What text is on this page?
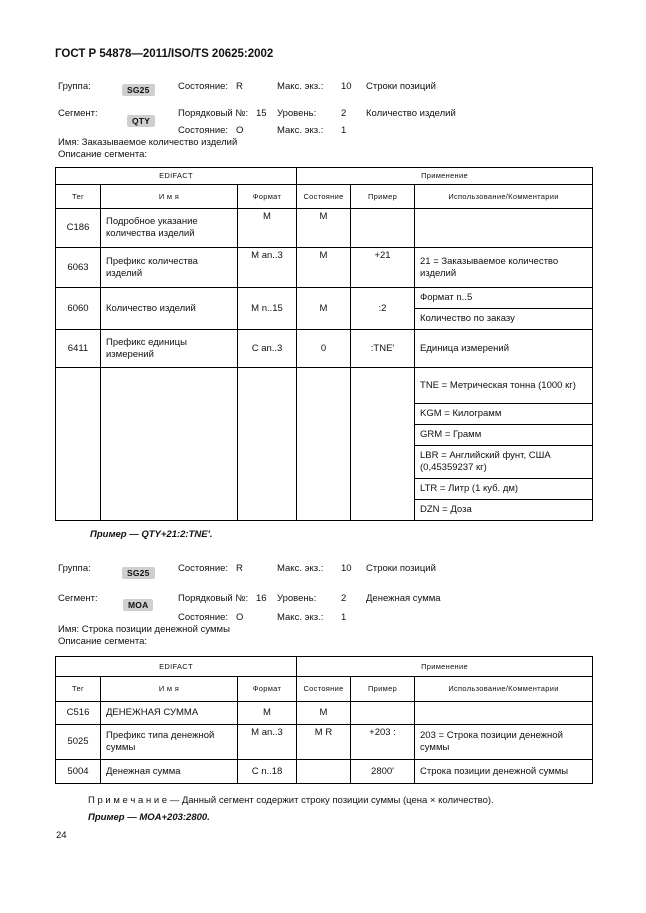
ГОСТ Р 54878—2011/ISO/TS 20625:2002
Группа:	SG25	Состояние: R	Макс. экз.: 10 Строки позиций
Сегмент:
QTY
Порядковый №: 15 Уровень:	2 Количество изделий
Состояние: O	Макс. экз.: 1
Имя: Заказываемое количество изделий
Описание сегмента:
EDIFACT			Применение		
Тег	И м я	Формат	Состояние	Пример	Использование/Комментарии
C186	Подробное указание количества изделий	M	M		
6063	Префикс количества изделий	M an..3	M	+21	21 = Заказываемое количество изделий
6060	Количество изделий	M n..15	M	:2	Формат n..5
					Количество по заказу
6411	Префикс единицы измерений	C an..3	0	:TNE'	Единица измерений
					TNE = Метрическая тонна (1000 кг)
					KGM = Килограмм
					GRM = Грамм
					LBR = Английский фунт, США (0,45359237 кг)
					LTR = Литр (1 куб. дм)
					DZN = Доза
Пример — QTY+21:2:TNE'.
Группа:	SG25	Состояние: R	Макс. экз.: 10 Строки позиций
Сегмент:
MOA
Порядковый №: 16 Уровень:	2 Денежная сумма
Состояние: O	Макс. экз.: 1
Имя: Строка позиции денежной суммы
Описание сегмента:
EDIFACT			Применение		
Тег	И м я	Формат	Состояние	Пример	Использование/Комментарии
C516	ДЕНЕЖНАЯ СУММА	M	M		
5025	Префикс типа денежной суммы	M an..3	M R	+203 :	203 = Строка позиции денежной суммы
5004	Денежная сумма	C n..18		2800'	Строка позиции денежной суммы
П р и м е ч а н и е — Данный сегмент содержит строку позиции суммы (цена × количество).
Пример — MOA+203:2800.
24
